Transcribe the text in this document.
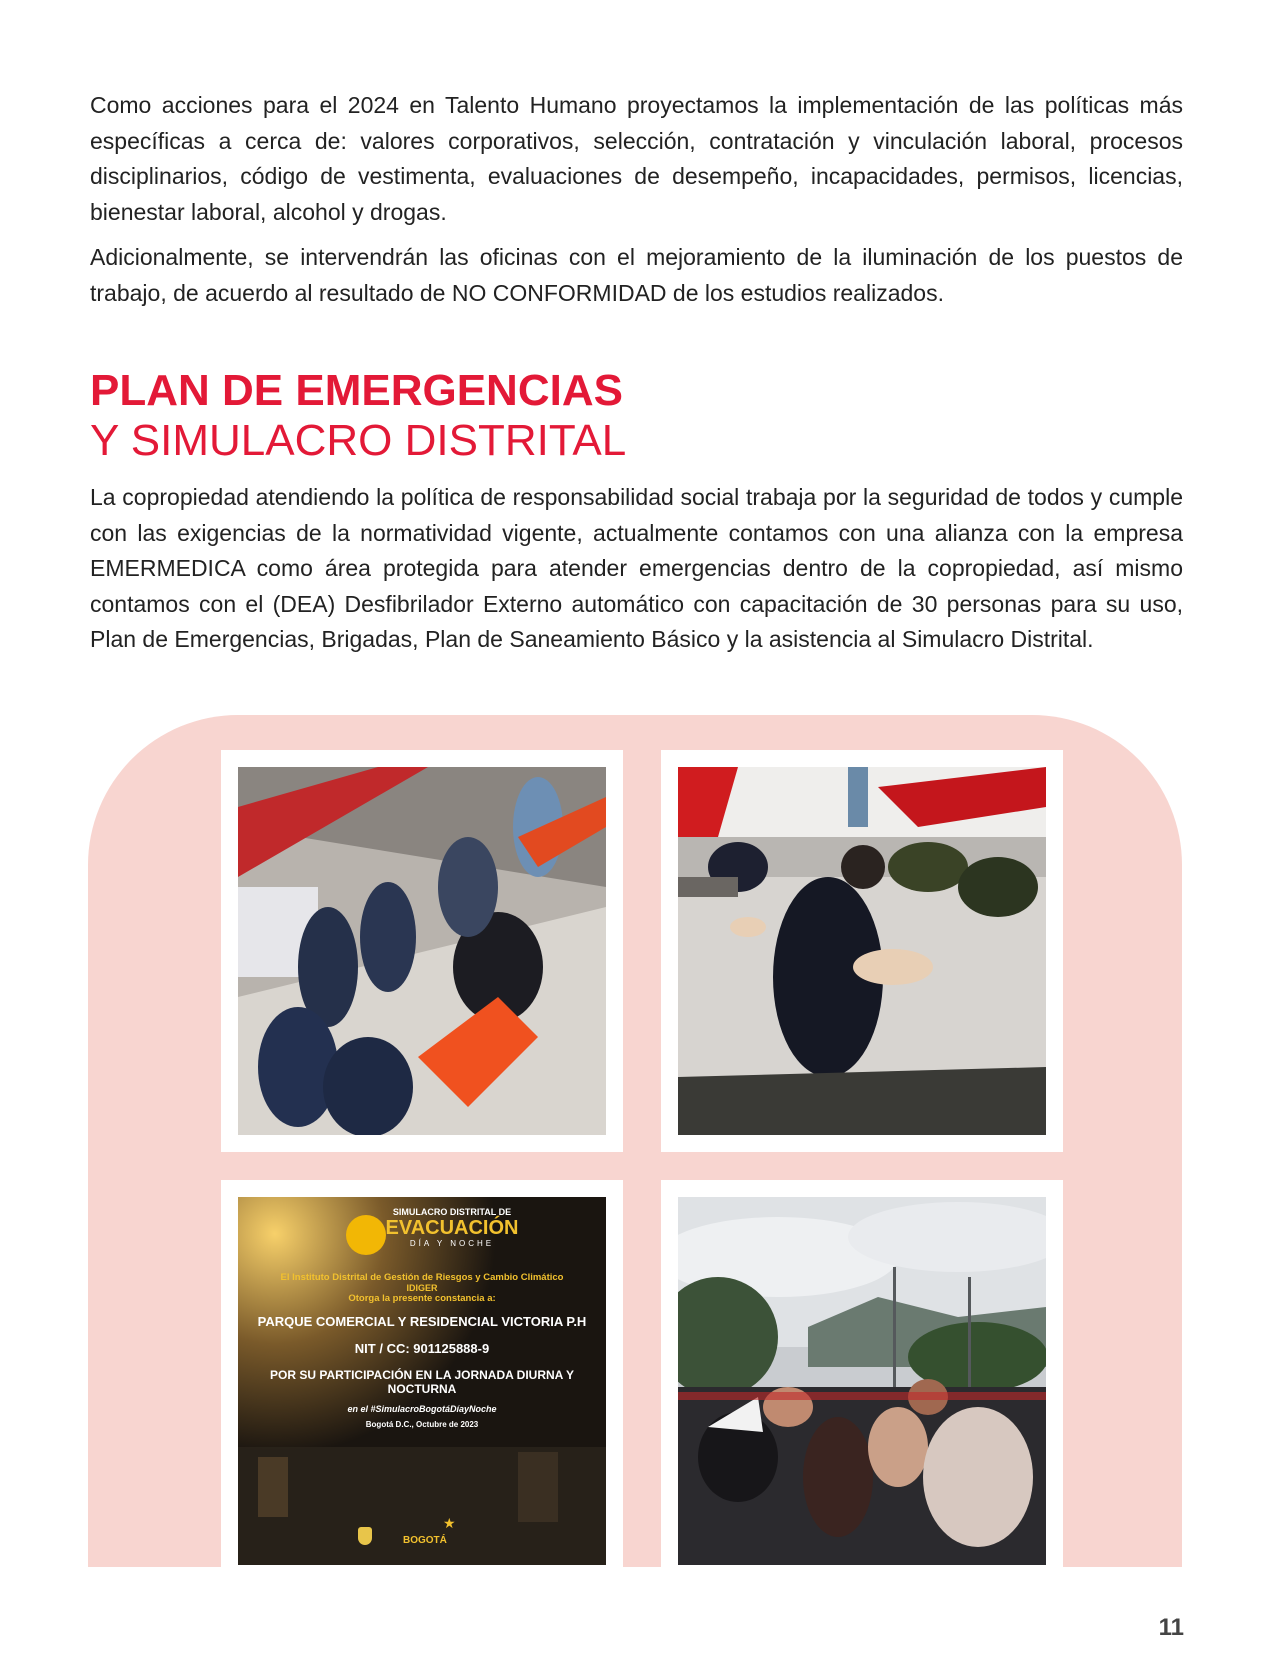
Como acciones para el 2024 en Talento Humano proyectamos la implementación de las políticas más específicas a cerca de: valores corporativos, selección, contratación y vinculación laboral, procesos disciplinarios, código de vestimenta, evaluaciones de desempeño, incapacidades, permisos, licencias, bienestar laboral, alcohol y drogas.

Adicionalmente, se intervendrán las oficinas con el mejoramiento de la iluminación de los puestos de trabajo, de acuerdo al resultado de NO CONFORMIDAD de los estudios realizados.

PLAN DE EMERGENCIAS
Y SIMULACRO DISTRITAL

La copropiedad atendiendo la política de responsabilidad social trabaja por la seguridad de todos y cumple con las exigencias de la normatividad vigente, actualmente contamos con una alianza con la empresa EMERMEDICA como área protegida para atender emergencias dentro de la copropiedad, así mismo contamos con el (DEA) Desfibrilador Externo automático con capacitación de 30 personas para su uso, Plan de Emergencias, Brigadas, Plan de Saneamiento Básico y la asistencia al Simulacro Distrital.

SIMULACRO DISTRITAL DE
EVACUACIÓN
DÍA Y NOCHE
El Instituto Distrital de Gestión de Riesgos y Cambio Climático
IDIGER
Otorga la presente constancia a:
PARQUE COMERCIAL Y RESIDENCIAL VICTORIA P.H
NIT / CC: 901125888-9
POR SU PARTICIPACIÓN EN LA JORNADA DIURNA Y NOCTURNA
en el #SimulacroBogotáDíayNoche
Bogotá D.C., Octubre de 2023
BOGOTÁ
★
11
